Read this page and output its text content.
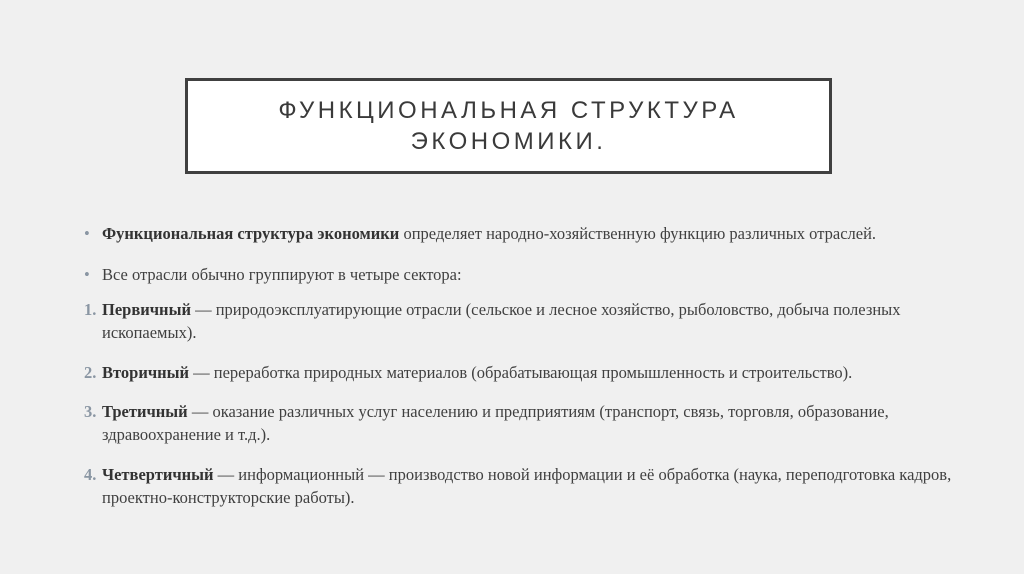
ФУНКЦИОНАЛЬНАЯ СТРУКТУРА
ЭКОНОМИКИ.
• Функциональная структура экономики определяет народно-хозяйственную функцию различных отраслей.
• Все отрасли обычно группируют в четыре сектора:
1. Первичный — природоэксплуатирующие отрасли (сельское и лесное хозяйство, рыболовство, добыча полезных ископаемых).
2. Вторичный — переработка природных материалов (обрабатывающая промышленность и строительство).
3. Третичный — оказание различных услуг населению и предприятиям (транспорт, связь, торговля, образование, здравоохранение и т.д.).
4. Четвертичный — информационный — производство новой информации и её обработка (наука, переподготовка кадров, проектно-конструкторские работы).
